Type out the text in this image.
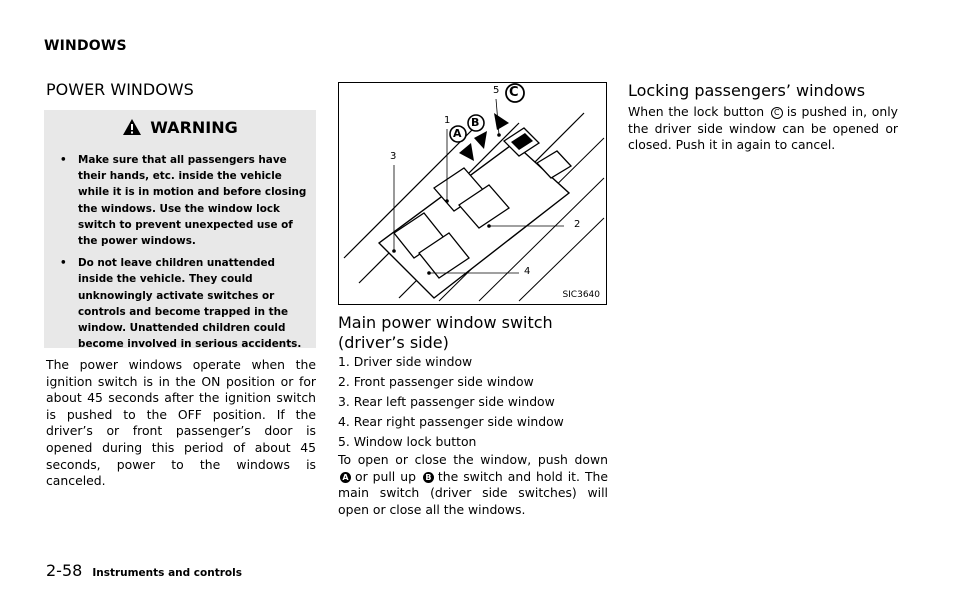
WINDOWS
POWER WINDOWS
WARNING
• Make sure that all passengers have their hands, etc. inside the vehicle while it is in motion and before closing the windows. Use the window lock switch to prevent unexpected use of the power windows.
• Do not leave children unattended inside the vehicle. They could unknowingly activate switches or controls and become trapped in the window. Unattended children could become involved in serious accidents.
The power windows operate when the ignition switch is in the ON position or for about 45 seconds after the ignition switch is pushed to the OFF position. If the driver’s or front passenger’s door is opened during this period of about 45 seconds, power to the windows is canceled.
1
2
3
4
5
A
B
C
SIC3640
Main power window switch (driver’s side)
1. Driver side window
2. Front passenger side window
3. Rear left passenger side window
4. Rear right passenger side window
5. Window lock button
To open or close the window, push down A or pull up B the switch and hold it. The main switch (driver side switches) will open or close all the windows.
Locking passengers’ windows
When the lock button C is pushed in, only the driver side window can be opened or closed. Push it in again to cancel.
2-58 Instruments and controls
